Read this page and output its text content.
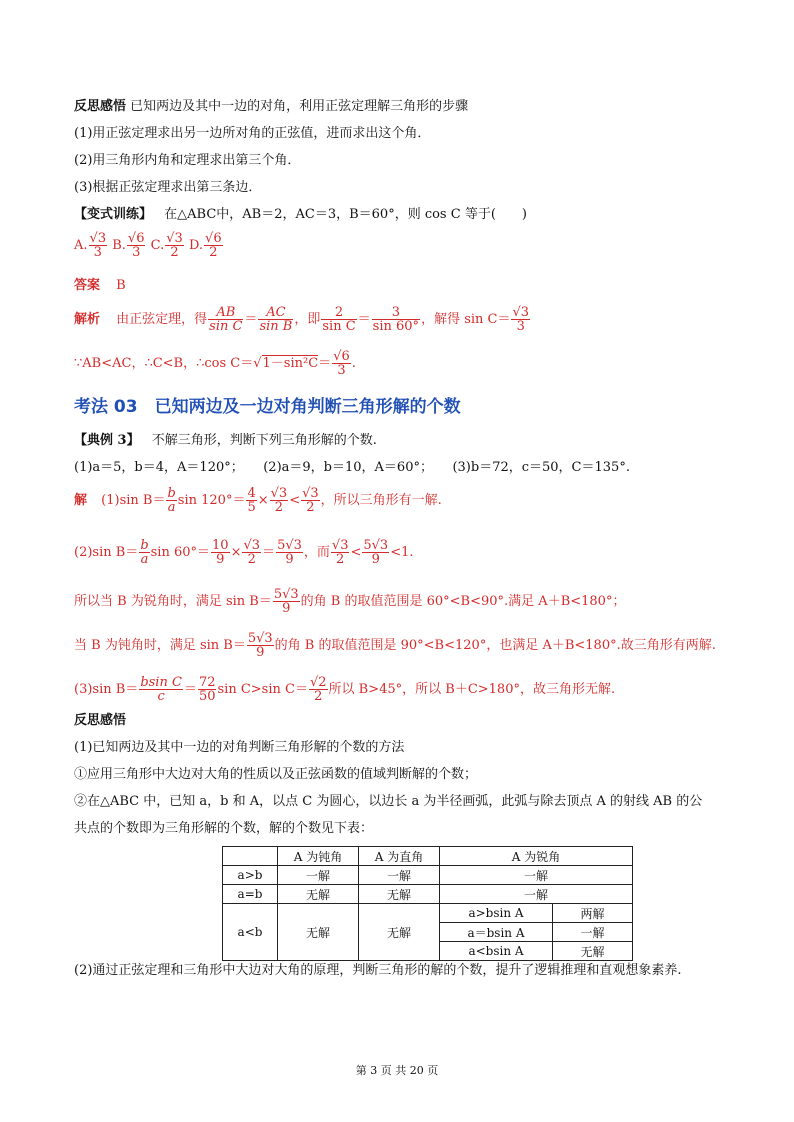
反思感悟 已知两边及其中一边的对角，利用正弦定理解三角形的步骤
(1)用正弦定理求出另一边所对角的正弦值，进而求出这个角．
(2)用三角形内角和定理求出第三个角．
(3)根据正弦定理求出第三条边．
【变式训练】 在△ABC中，AB＝2，AC＝3，B＝60°，则 cos C 等于(　　)
A. $\frac{√3}{3} B$. $\frac{√6}{3} C$. $\frac{√3}{2} D$. $\frac{√6}{2}$
答案 B
解析 由正弦定理，得 $\frac{AB}{\text{sin C}} = \frac{AC}{\text{sin B}}$ ，即 $\frac{2}{\text{sin C}} = \frac{3}{\sin 60^\circ}$ ，解得 $\sin C= \frac{√3}{3}$
∵AB<AC，∴C<B，∴cos $C=√1-\sin^2C= \frac{√6}{3}$ .
考法 03　已知两边及一边对角判断三角形解的个数
【典例 3】 不解三角形，判断下列三角形解的个数.
(1)a＝5，b＝4，A＝120°；　　(2)a＝9，b＝10，A＝60°；　　(3)b＝72，c＝50，C＝135°.
解 (1)sin $B= \frac{b}{a}$ $\sin 120^\circ= \frac{4}{5} \times \frac{√3}{2} < \frac{√3}{2}$ ，所以三角形有一解.
(2)sin $B= \frac{b}{a}$ $\sin 60^\circ= \frac{10}{9} \times \frac{√3}{2} = \frac{5√3}{9}$ ，而 $\frac{√3}{2} < \frac{5√3}{9} <1$.
所以当 B 为锐角时，满足 $\sin B= \frac{5√3}{9}$ 的角 B 的取值范围是 60°<B<90°.满足 A＋B<180°；
当 B 为钝角时，满足 $\sin B= \frac{5√3}{9}$ 的角 B 的取值范围是 90°<B<120°，也满足 A＋B<180°.故三角形有两解.
(3)sin $B= \frac{\text{bsin C}}{c} = \frac{72}{50}$ sin C>sin $C= \frac{√2}{2}$ 所以 B>45°，所以 B＋C>180°，故三角形无解.
反思感悟
(1)已知两边及其中一边的对角判断三角形解的个数的方法
①应用三角形中大边对大角的性质以及正弦函数的值域判断解的个数；
②在△ABC 中，已知 a，b 和 A，以点 C 为圆心，以边长 a 为半径画弧，此弧与除去顶点 A 的射线 AB 的公
共点的个数即为三角形解的个数，解的个数见下表：
	A 为钝角	A 为直角	A 为锐角	
a>b	一解	一解	一解	
a=b	无解	无解	一解	
a<b	无解	无解	a>bsin A	两解
			a＝bsin A	一解
			a<bsin A	无解
(2)通过正弦定理和三角形中大边对大角的原理，判断三角形的解的个数，提升了逻辑推理和直观想象素养.
第 3 页 共 20 页
